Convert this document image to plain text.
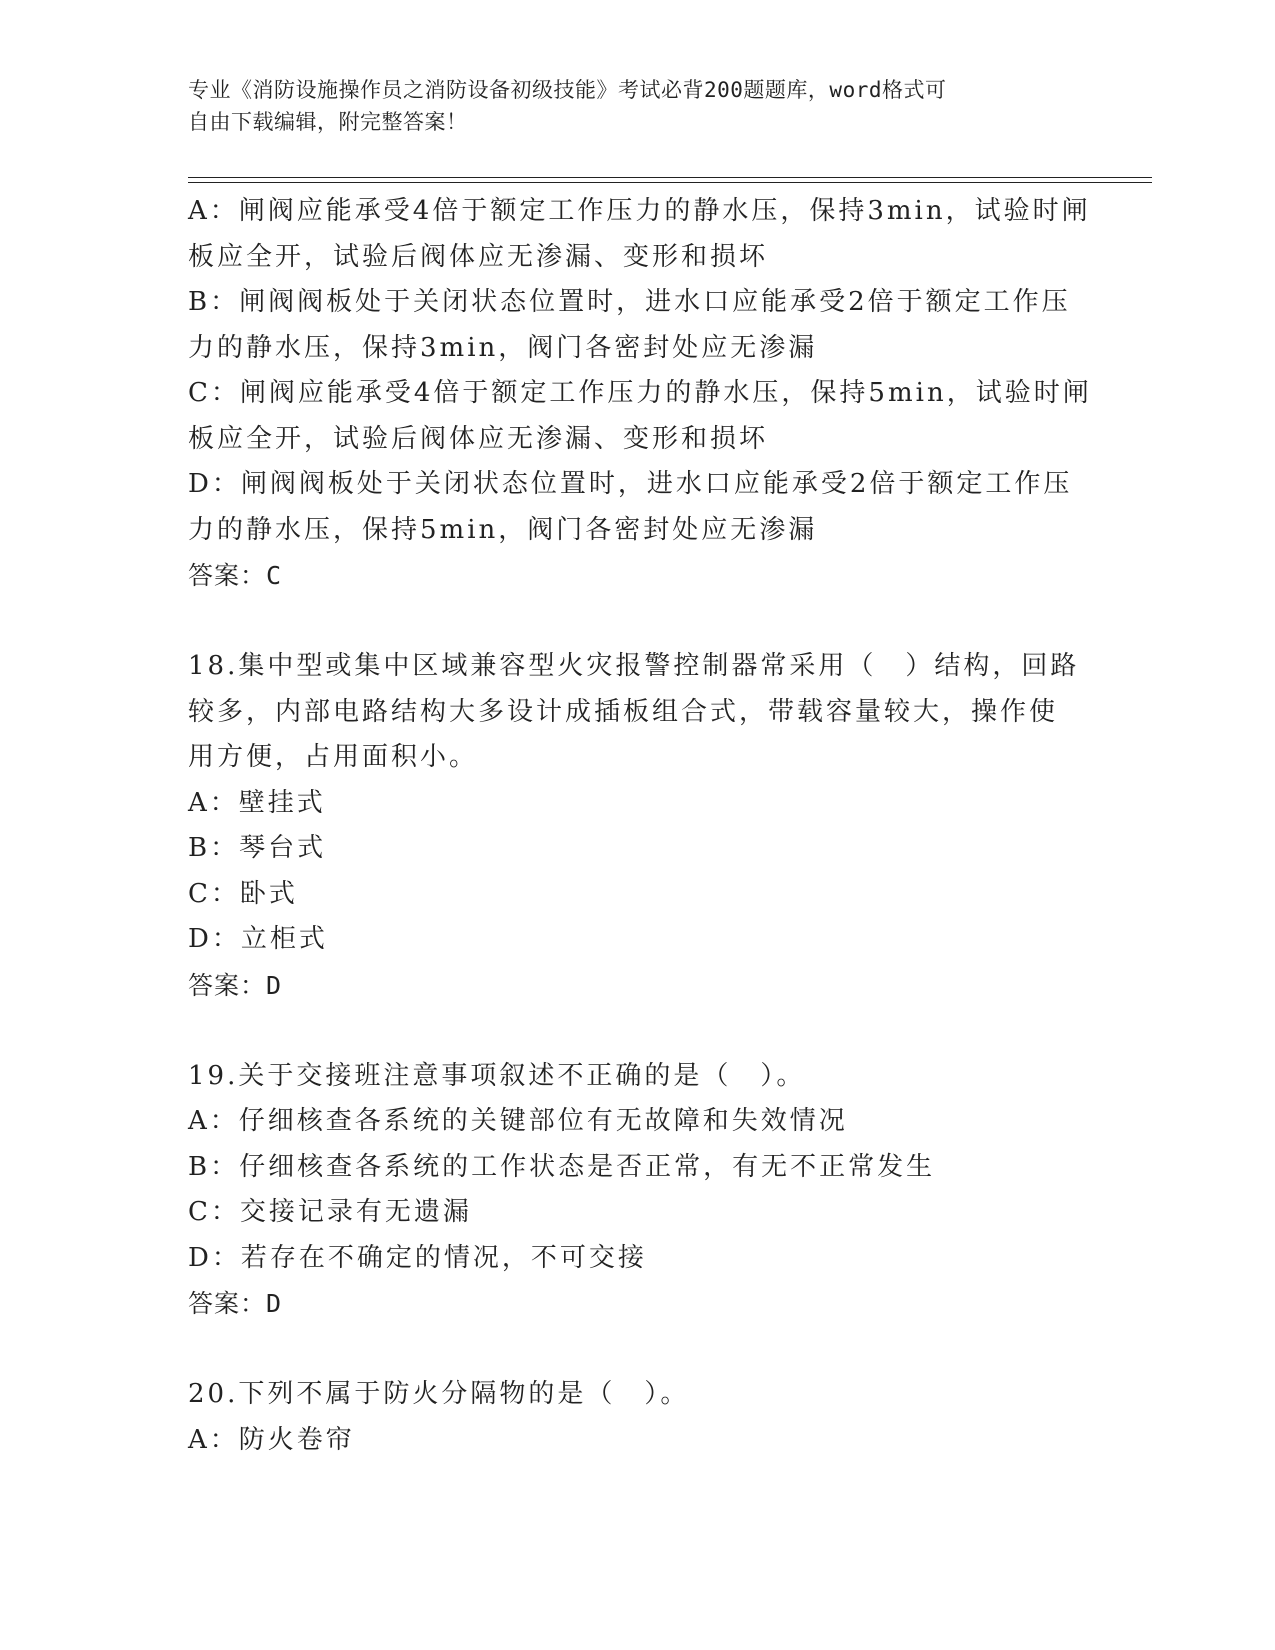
专业《消防设施操作员之消防设备初级技能》考试必背200题题库，word格式可
自由下载编辑，附完整答案！
A：闸阀应能承受4倍于额定工作压力的静水压，保持3min，试验时闸
板应全开，试验后阀体应无渗漏、变形和损坏
B：闸阀阀板处于关闭状态位置时，进水口应能承受2倍于额定工作压
力的静水压，保持3min，阀门各密封处应无渗漏
C：闸阀应能承受4倍于额定工作压力的静水压，保持5min，试验时闸
板应全开，试验后阀体应无渗漏、变形和损坏
D：闸阀阀板处于关闭状态位置时，进水口应能承受2倍于额定工作压
力的静水压，保持5min，阀门各密封处应无渗漏
答案：C
18.集中型或集中区域兼容型火灾报警控制器常采用（　）结构，回路
较多，内部电路结构大多设计成插板组合式，带载容量较大，操作使
用方便，占用面积小。
A：壁挂式
B：琴台式
C：卧式
D：立柜式
答案：D
19.关于交接班注意事项叙述不正确的是（　）。
A：仔细核查各系统的关键部位有无故障和失效情况
B：仔细核查各系统的工作状态是否正常，有无不正常发生
C：交接记录有无遗漏
D：若存在不确定的情况，不可交接
答案：D
20.下列不属于防火分隔物的是（　）。
A：防火卷帘
